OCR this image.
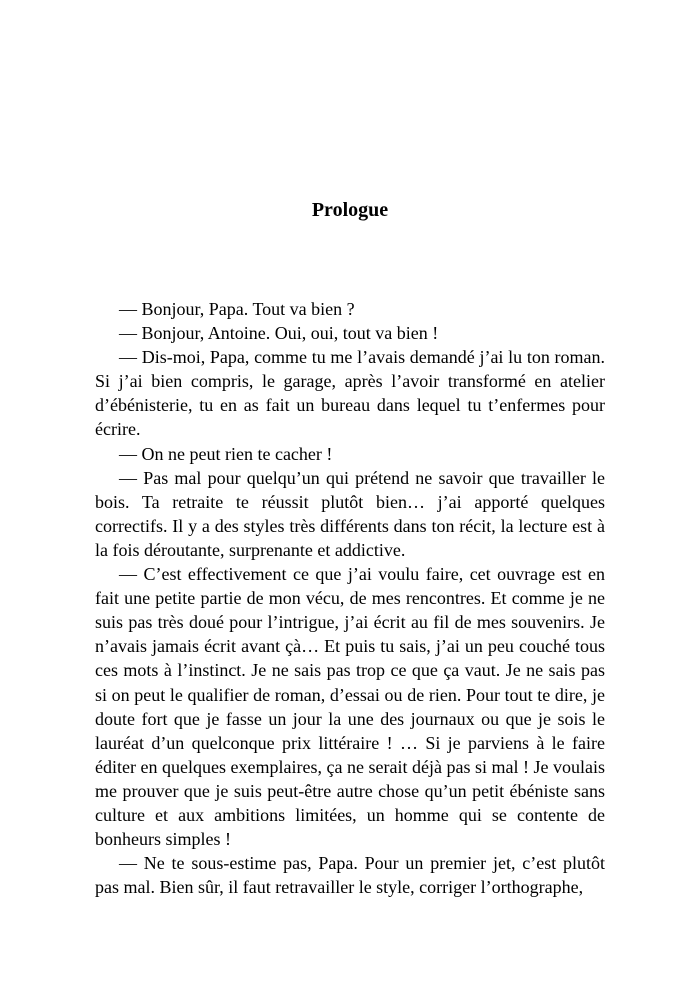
Prologue

— Bonjour, Papa. Tout va bien ?

— Bonjour, Antoine. Oui, oui, tout va bien !

— Dis-moi, Papa, comme tu me l’avais demandé j’ai lu ton roman. Si j’ai bien compris, le garage, après l’avoir transformé en atelier d’ébénisterie, tu en as fait un bureau dans lequel tu t’enfermes pour écrire.

— On ne peut rien te cacher !

— Pas mal pour quelqu’un qui prétend ne savoir que travailler le bois. Ta retraite te réussit plutôt bien… j’ai apporté quelques correctifs. Il y a des styles très différents dans ton récit, la lecture est à la fois déroutante, surprenante et addictive.

— C’est effectivement ce que j’ai voulu faire, cet ouvrage est en fait une petite partie de mon vécu, de mes rencontres. Et comme je ne suis pas très doué pour l’intrigue, j’ai écrit au fil de mes souvenirs. Je n’avais jamais écrit avant çà… Et puis tu sais, j’ai un peu couché tous ces mots à l’instinct. Je ne sais pas trop ce que ça vaut. Je ne sais pas si on peut le qualifier de roman, d’essai ou de rien. Pour tout te dire, je doute fort que je fasse un jour la une des journaux ou que je sois le lauréat d’un quelconque prix littéraire ! … Si je parviens à le faire éditer en quelques exemplaires, ça ne serait déjà pas si mal ! Je voulais me prouver que je suis peut-être autre chose qu’un petit ébéniste sans culture et aux ambitions limitées, un homme qui se contente de bonheurs simples !

— Ne te sous-estime pas, Papa. Pour un premier jet, c’est plutôt pas mal. Bien sûr, il faut retravailler le style, corriger l’orthographe,
